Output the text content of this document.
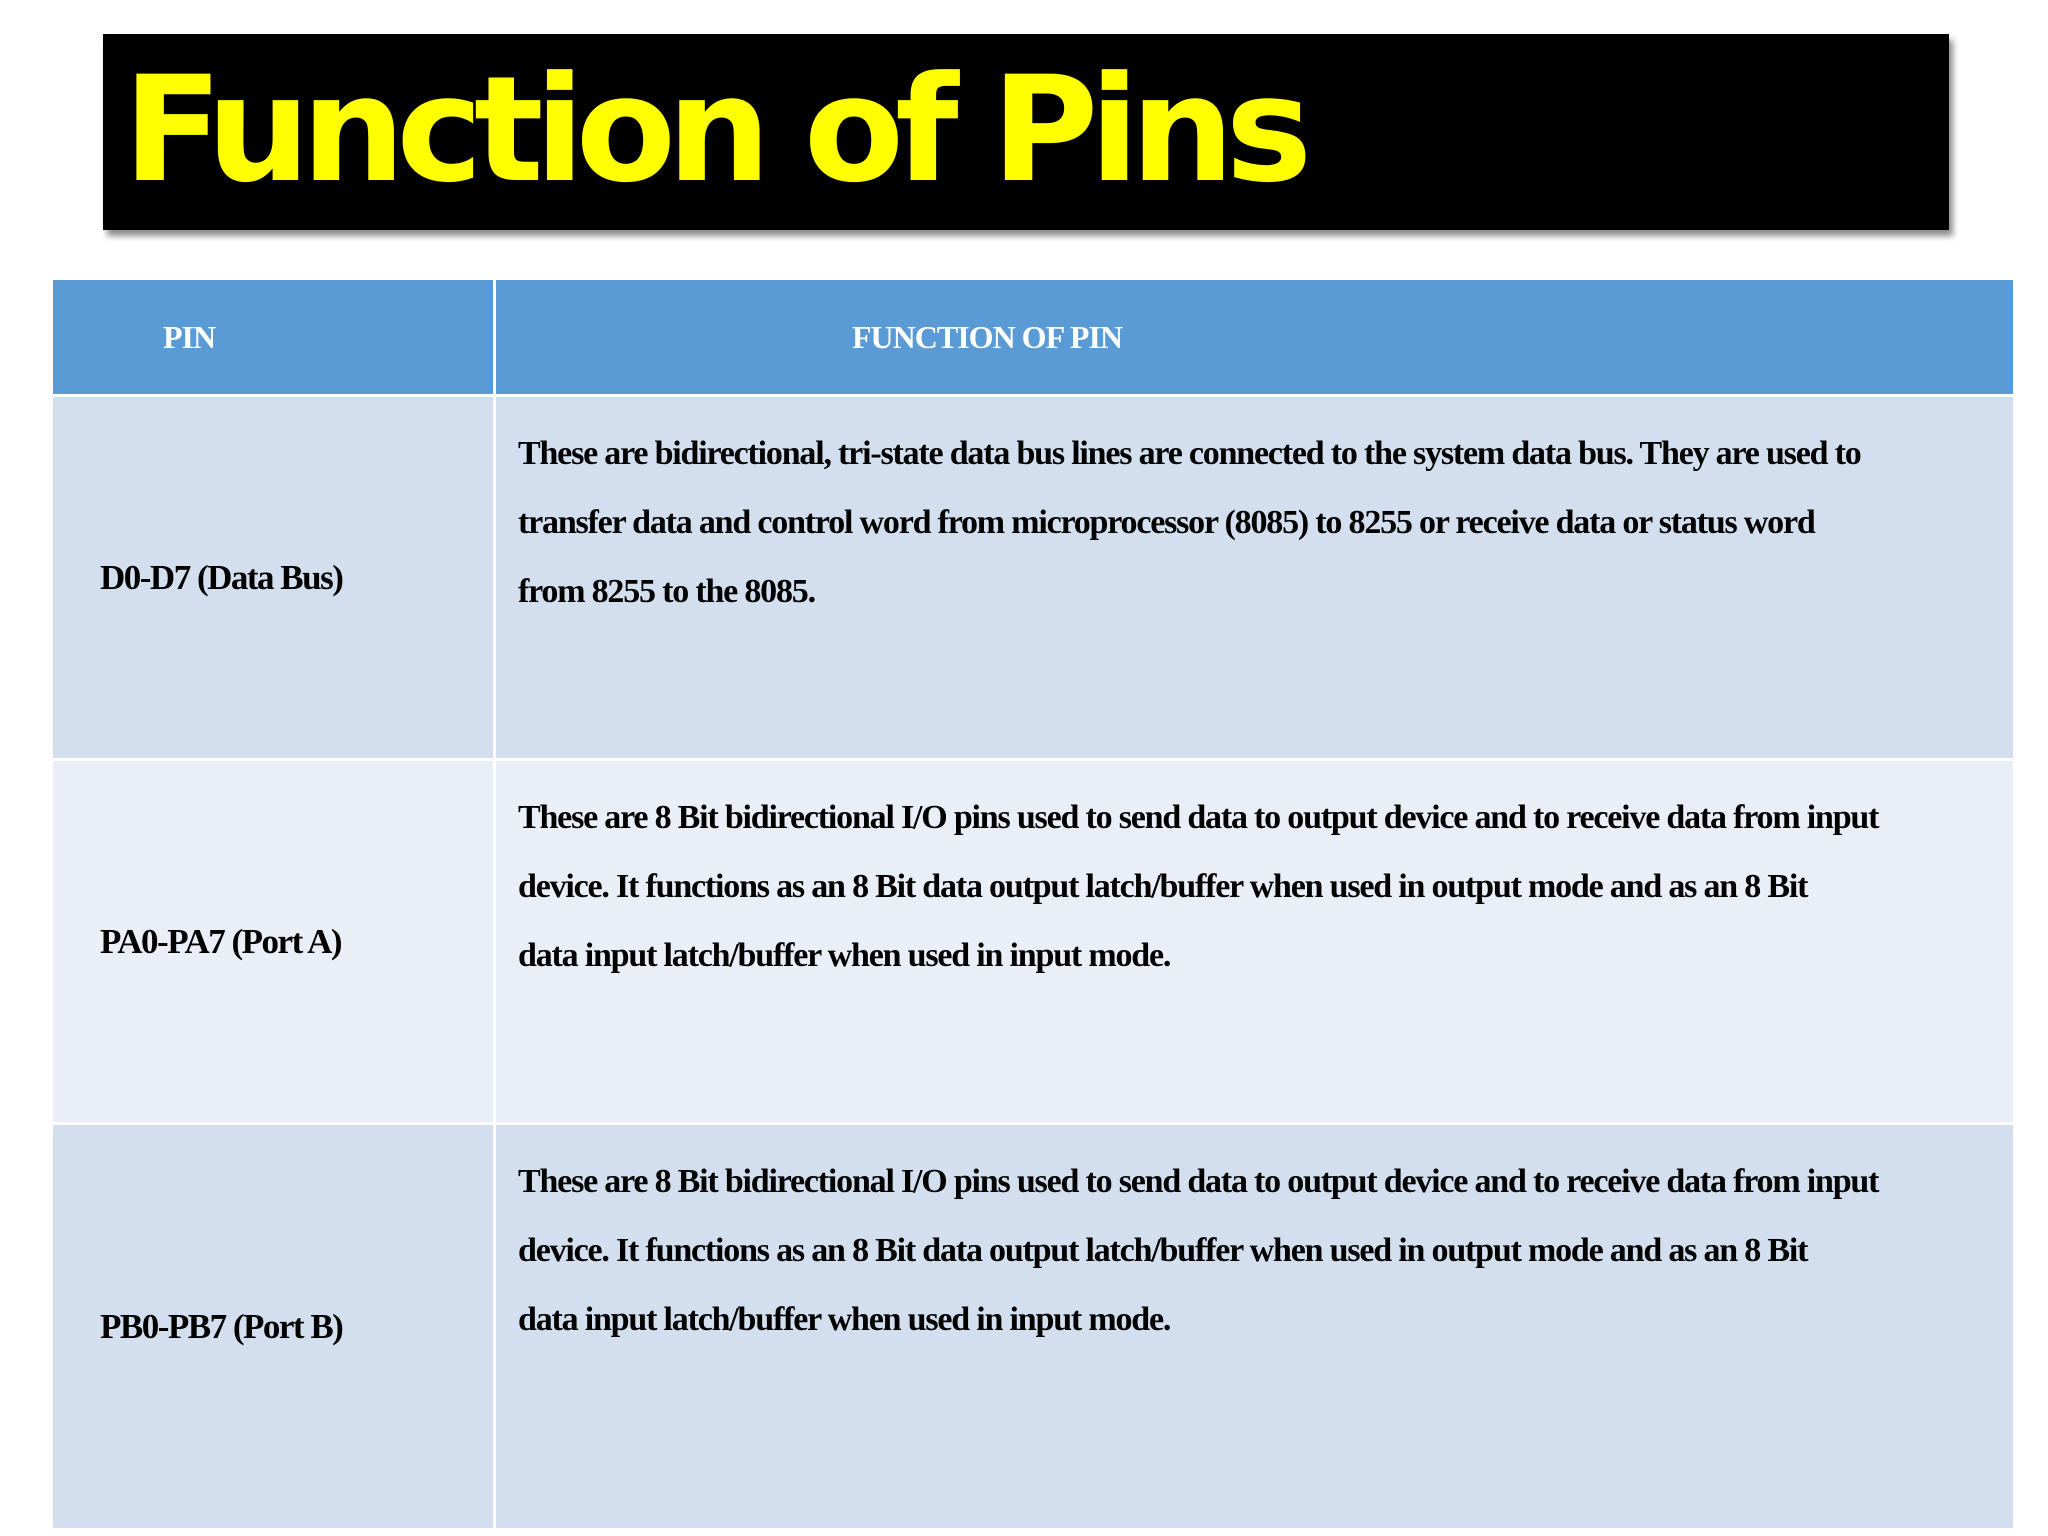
Function of Pins
PIN	FUNCTION OF PIN
D0-D7 (Data Bus)	These are bidirectional, tri-state data bus lines are connected to the system data bus. They are used to
transfer data and control word from microprocessor (8085) to 8255 or receive data or status word
from 8255 to the 8085.

PA0-PA7 (Port A)	These are 8 Bit bidirectional I/O pins used to send data to output device and to receive data from input
device. It functions as an 8 Bit data output latch/buffer when used in output mode and as an 8 Bit
data input latch/buffer when used in input mode.

PB0-PB7 (Port B)	These are 8 Bit bidirectional I/O pins used to send data to output device and to receive data from input
device. It functions as an 8 Bit data output latch/buffer when used in output mode and as an 8 Bit
data input latch/buffer when used in input mode.
